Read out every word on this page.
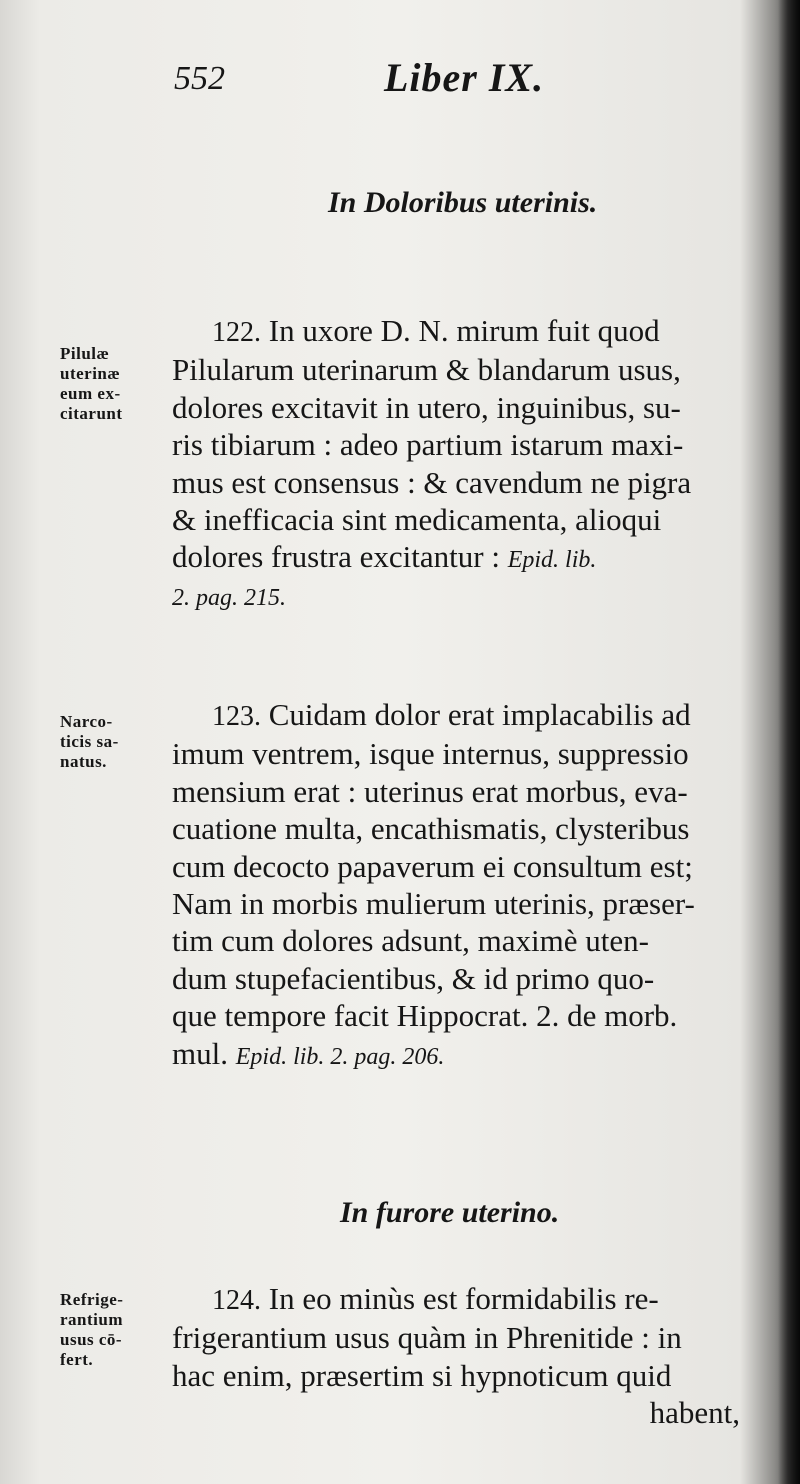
552	Liber IX.
In Doloribus uterinis.
Pilulæ
uterinæ
eum ex-
citarunt
122. In uxore D. N. mirum fuit quod
Pilularum uterinarum & blandarum usus,
dolores excitavit in utero, inguinibus, su-
ris tibiarum : adeo partium istarum maxi-
mus est consensus : & cavendum ne pigra
& inefficacia sint medicamenta, alioqui
dolores frustra excitantur : Epid. lib.
2. pag. 215.
Narco-
ticis sa-
natus.
123. Cuidam dolor erat implacabilis ad
imum ventrem, isque internus, suppressio
mensium erat : uterinus erat morbus, eva-
cuatione multa, encathismatis, clysteribus
cum decocto papaverum ei consultum est;
Nam in morbis mulierum uterinis, præser-
tim cum dolores adsunt, maximè uten-
dum stupefacientibus, & id primo quo-
que tempore facit Hippocrat. 2. de morb.
mul. Epid. lib. 2. pag. 206.
In furore uterino.
Refrige-
rantium
usus cō-
fert.
124. In eo minùs est formidabilis re-
frigerantium usus quàm in Phrenitide : in
hac enim, præsertim si hypnoticum quid
habent,
